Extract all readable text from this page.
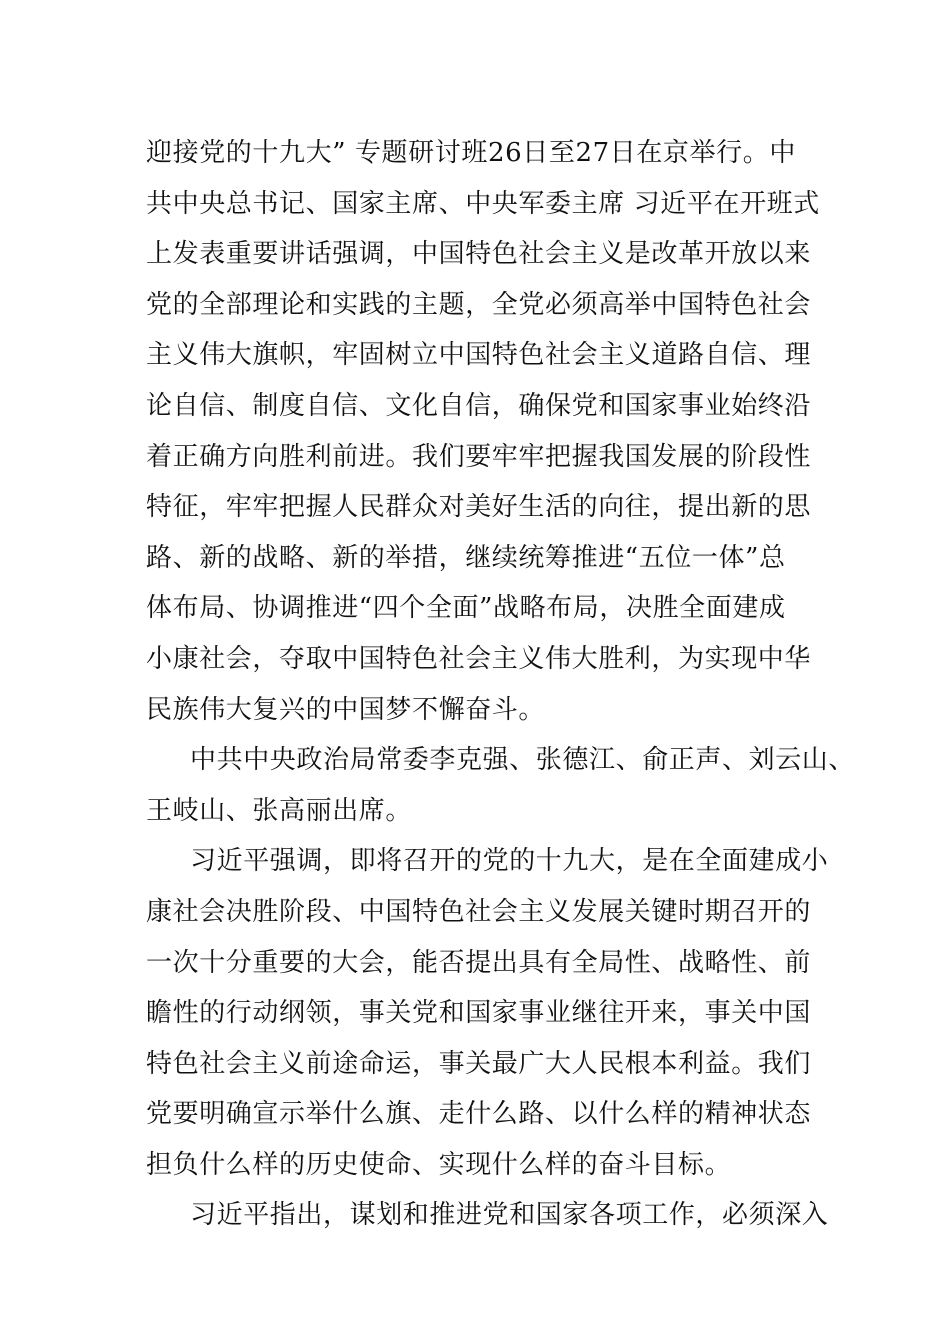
迎接党的十九大” 专题研讨班26日至27日在京举行。中
共中央总书记、国家主席、中央军委主席 习近平在开班式
上发表重要讲话强调，中国特色社会主义是改革开放以来
党的全部理论和实践的主题，全党必须高举中国特色社会
主义伟大旗帜，牢固树立中国特色社会主义道路自信、理
论自信、制度自信、文化自信，确保党和国家事业始终沿
着正确方向胜利前进。我们要牢牢把握我国发展的阶段性
特征，牢牢把握人民群众对美好生活的向往，提出新的思
路、新的战略、新的举措，继续统筹推进“五位一体”总
体布局、协调推进“四个全面”战略布局，决胜全面建成
小康社会，夺取中国特色社会主义伟大胜利，为实现中华
民族伟大复兴的中国梦不懈奋斗。
中共中央政治局常委李克强、张德江、俞正声、刘云山、
王岐山、张高丽出席。
习近平强调，即将召开的党的十九大，是在全面建成小
康社会决胜阶段、中国特色社会主义发展关键时期召开的
一次十分重要的大会，能否提出具有全局性、战略性、前
瞻性的行动纲领，事关党和国家事业继往开来，事关中国
特色社会主义前途命运，事关最广大人民根本利益。我们
党要明确宣示举什么旗、走什么路、以什么样的精神状态
担负什么样的历史使命、实现什么样的奋斗目标。
习近平指出，谋划和推进党和国家各项工作，必须深入
